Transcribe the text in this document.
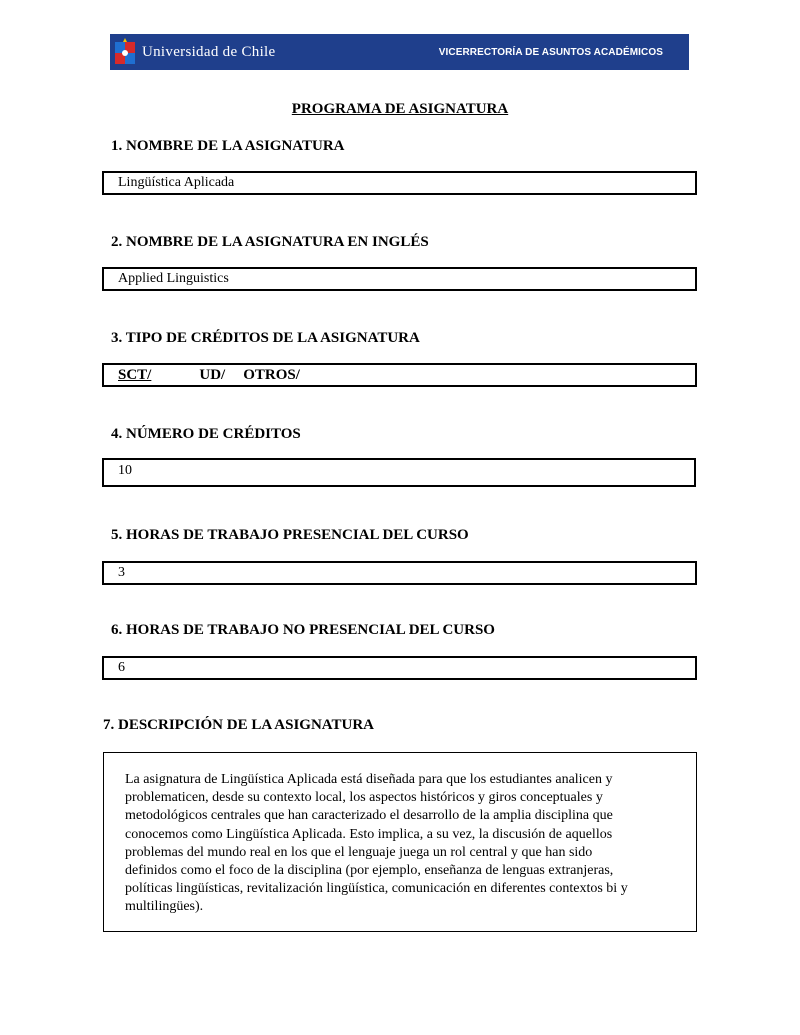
Universidad de Chile	VICERRECTORÍA DE ASUNTOS ACADÉMICOS
PROGRAMA DE ASIGNATURA
1. NOMBRE DE LA ASIGNATURA
Lingüística Aplicada
2. NOMBRE DE LA ASIGNATURA EN INGLÉS
Applied Linguistics
3. TIPO DE CRÉDITOS DE LA ASIGNATURA
SCT/	UD/ OTROS/
4. NÚMERO DE CRÉDITOS
10
5. HORAS DE TRABAJO PRESENCIAL DEL CURSO
3
6. HORAS DE TRABAJO NO PRESENCIAL DEL CURSO
6
7. DESCRIPCIÓN DE LA ASIGNATURA
La asignatura de Lingüística Aplicada está diseñada para que los estudiantes analicen y
problematicen, desde su contexto local, los aspectos históricos y giros conceptuales y
metodológicos centrales que han caracterizado el desarrollo de la amplia disciplina que
conocemos como Lingüística Aplicada. Esto implica, a su vez, la discusión de aquellos
problemas del mundo real en los que el lenguaje juega un rol central y que han sido
definidos como el foco de la disciplina (por ejemplo, enseñanza de lenguas extranjeras,
políticas lingüísticas, revitalización lingüística, comunicación en diferentes contextos bi y
multilingües).
